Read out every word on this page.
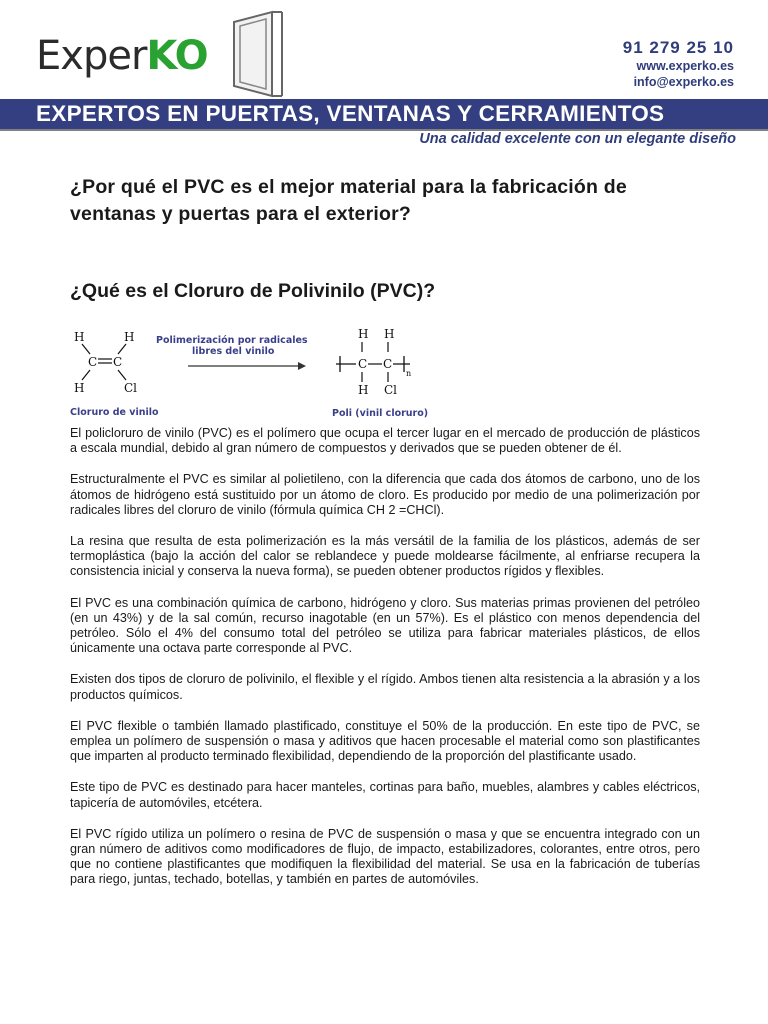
ExperKO	91 279 25 10
www.experko.es
info@experko.es
EXPERTOS EN PUERTAS, VENTANAS Y CERRAMIENTOS
Una calidad excelente con un elegante diseño
¿Por qué el PVC es el mejor material para la fabricación de ventanas y puertas para el exterior?
¿Qué es el Cloruro de Polivinilo (PVC)?
H	H
C C
H	Cl
Cloruro de vinilo
Polimerización por radicales
libres del vinilo
H H
C C
n
H Cl
Poli (vinil cloruro)

El policloruro de vinilo (PVC) es el polímero que ocupa el tercer lugar en el mercado de producción de plásticos a escala mundial, debido al gran número de compuestos y derivados que se pueden obtener de él.

Estructuralmente el PVC es similar al polietileno, con la diferencia que cada dos átomos de carbono, uno de los átomos de hidrógeno está sustituido por un átomo de cloro. Es producido por medio de una polimerización por radicales libres del cloruro de vinilo (fórmula química CH 2 =CHCl).

La resina que resulta de esta polimerización es la más versátil de la familia de los plásticos, además de ser termoplástica (bajo la acción del calor se reblandece y puede moldearse fácilmente, al enfriarse recupera la consistencia inicial y conserva la nueva forma), se pueden obtener productos rígidos y flexibles.

El PVC es una combinación química de carbono, hidrógeno y cloro. Sus materias primas provienen del petróleo (en un 43%) y de la sal común, recurso inagotable (en un 57%). Es el plástico con menos dependencia del petróleo. Sólo el 4% del consumo total del petróleo se utiliza para fabricar materiales plásticos, de ellos únicamente una octava parte corresponde al PVC.

Existen dos tipos de cloruro de polivinilo, el flexible y el rígido. Ambos tienen alta resistencia a la abrasión y a los productos químicos.

El PVC flexible o también llamado plastificado, constituye el 50% de la producción. En este tipo de PVC, se emplea un polímero de suspensión o masa y aditivos que hacen procesable el material como son plastificantes que imparten al producto terminado flexibilidad, dependiendo de la proporción del plastificante usado.

Este tipo de PVC es destinado para hacer manteles, cortinas para baño, muebles, alambres y cables eléctricos, tapicería de automóviles, etcétera.

El PVC rígido utiliza un polímero o resina de PVC de suspensión o masa y que se encuentra integrado con un gran número de aditivos como modificadores de flujo, de impacto, estabilizadores, colorantes, entre otros, pero que no contiene plastificantes que modifiquen la flexibilidad del material. Se usa en la fabricación de tuberías para riego, juntas, techado, botellas, y también en partes de automóviles.
